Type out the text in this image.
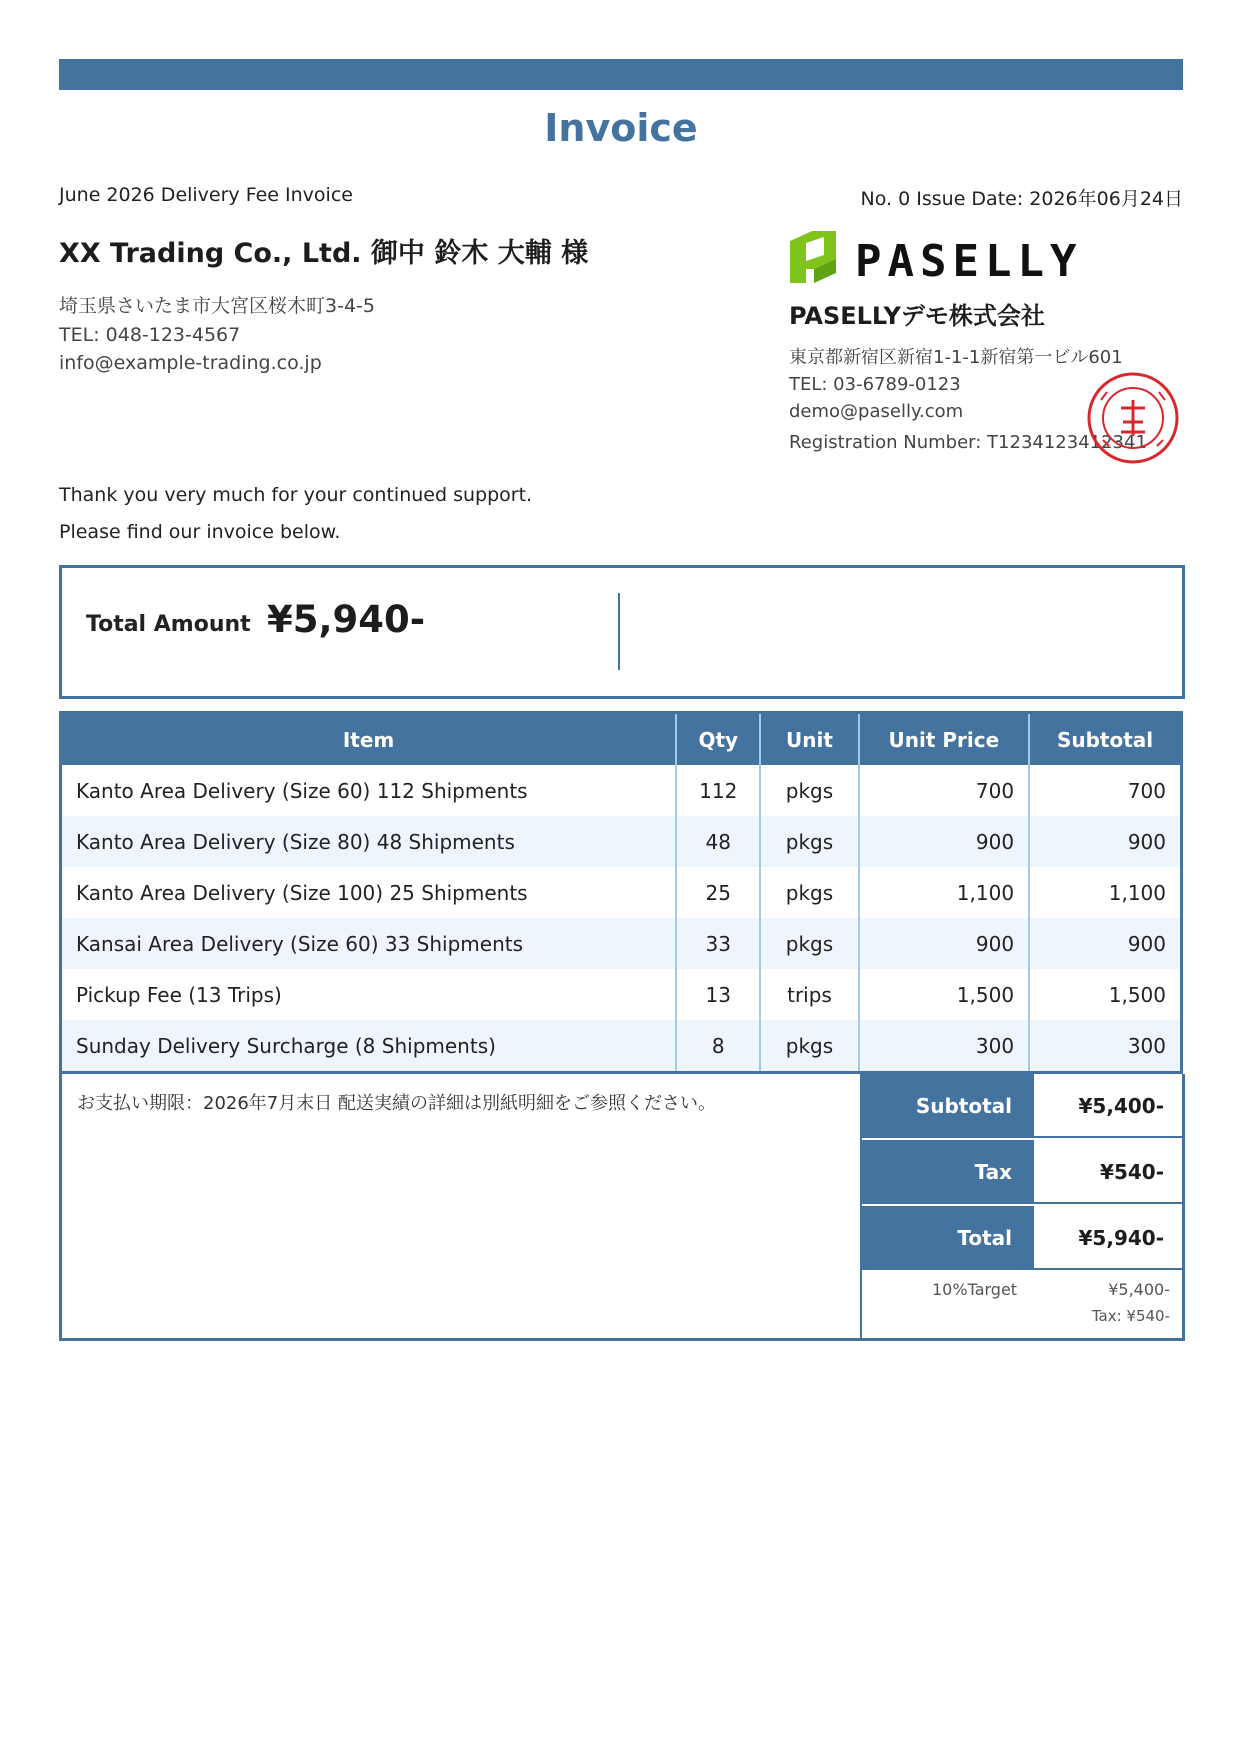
Invoice
June 2026 Delivery Fee Invoice	No. 0 Issue Date: 2026年06月24日
XX Trading Co., Ltd. 御中 鈴木 大輔 様
埼玉県さいたま市大宮区桜木町3-4-5
TEL: 048-123-4567
info@example-trading.co.jp
PASELLY
PASELLYデモ株式会社
東京都新宿区新宿1-1-1新宿第一ビル601
TEL: 03-6789-0123
demo@paselly.com
Registration Number: T1234123412341
Thank you very much for your continued support.
Please find our invoice below.
Total Amount ¥5,940-
Item	Qty	Unit	Unit Price	Subtotal
Kanto Area Delivery (Size 60) 112 Shipments	112	pkgs	700	700
Kanto Area Delivery (Size 80) 48 Shipments	48	pkgs	900	900
Kanto Area Delivery (Size 100) 25 Shipments	25	pkgs	1,100	1,100
Kansai Area Delivery (Size 60) 33 Shipments	33	pkgs	900	900
Pickup Fee (13 Trips)	13	trips	1,500	1,500
Sunday Delivery Surcharge (8 Shipments)	8	pkgs	300	300
お支払い期限：2026年7月末日 配送実績の詳細は別紙明細をご参照ください。	Subtotal	¥5,400-
Tax	¥540-
Total	¥5,940-
10%Target	¥5,400-
Tax: ¥540-
